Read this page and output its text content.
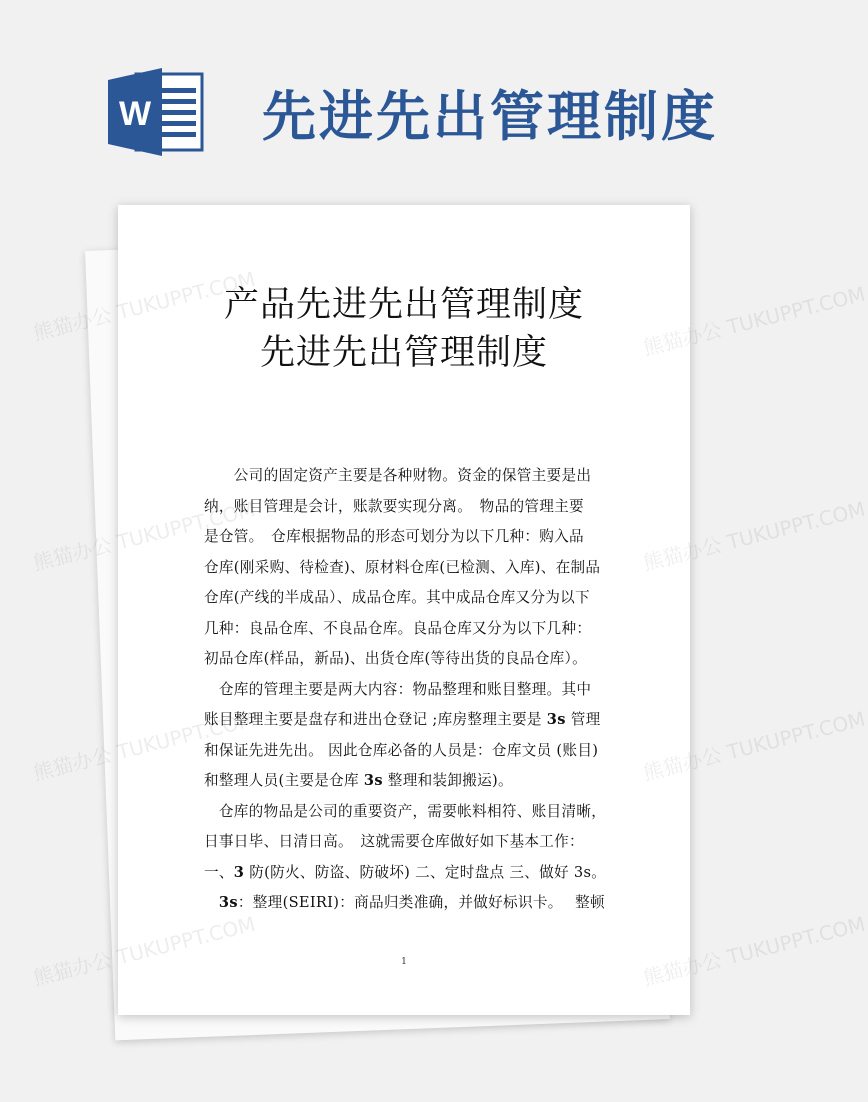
W 先进先出管理制度
产品先进先出管理制度
先进先出管理制度
　　公司的固定资产主要是各种财物。资金的保管主要是出
纳，账目管理是会计，账款要实现分离。　物品的管理主要
是仓管。　仓库根据物品的形态可划分为以下几种：购入品
仓库(刚采购、待检查)、原材料仓库(已检测、入库)、在制品
仓库(产线的半成品）、成品仓库。其中成品仓库又分为以下
几种：良品仓库、不良品仓库。良品仓库又分为以下几种：
初品仓库(样品，新品)、出货仓库(等待出货的良品仓库）。
　仓库的管理主要是两大内容：物品整理和账目整理。其中
账目整理主要是盘存和进出仓登记 ;库房整理主要是 3s 管理
和保证先进先出。 因此仓库必备的人员是：仓库文员 (账目)
和整理人员(主要是仓库 3s 整理和装卸搬运)。
　仓库的物品是公司的重要资产，需要帐料相符、账目清晰，
日事日毕、日清日高。　这就需要仓库做好如下基本工作：
一、3 防(防火、防盗、防破坏) 二、定时盘点 三、做好 3s。
　3s：整理(SEIRI)：商品归类准确，并做好标识卡。　 整顿
1
熊猫办公	熊猫办公 TUKUPPT.COM
熊猫办公	熊猫办公 TUKUPPT.COM
熊猫办公	熊猫办公 TUKUPPT.COM
熊猫办公	熊猫办公 TUKUPPT.COM
